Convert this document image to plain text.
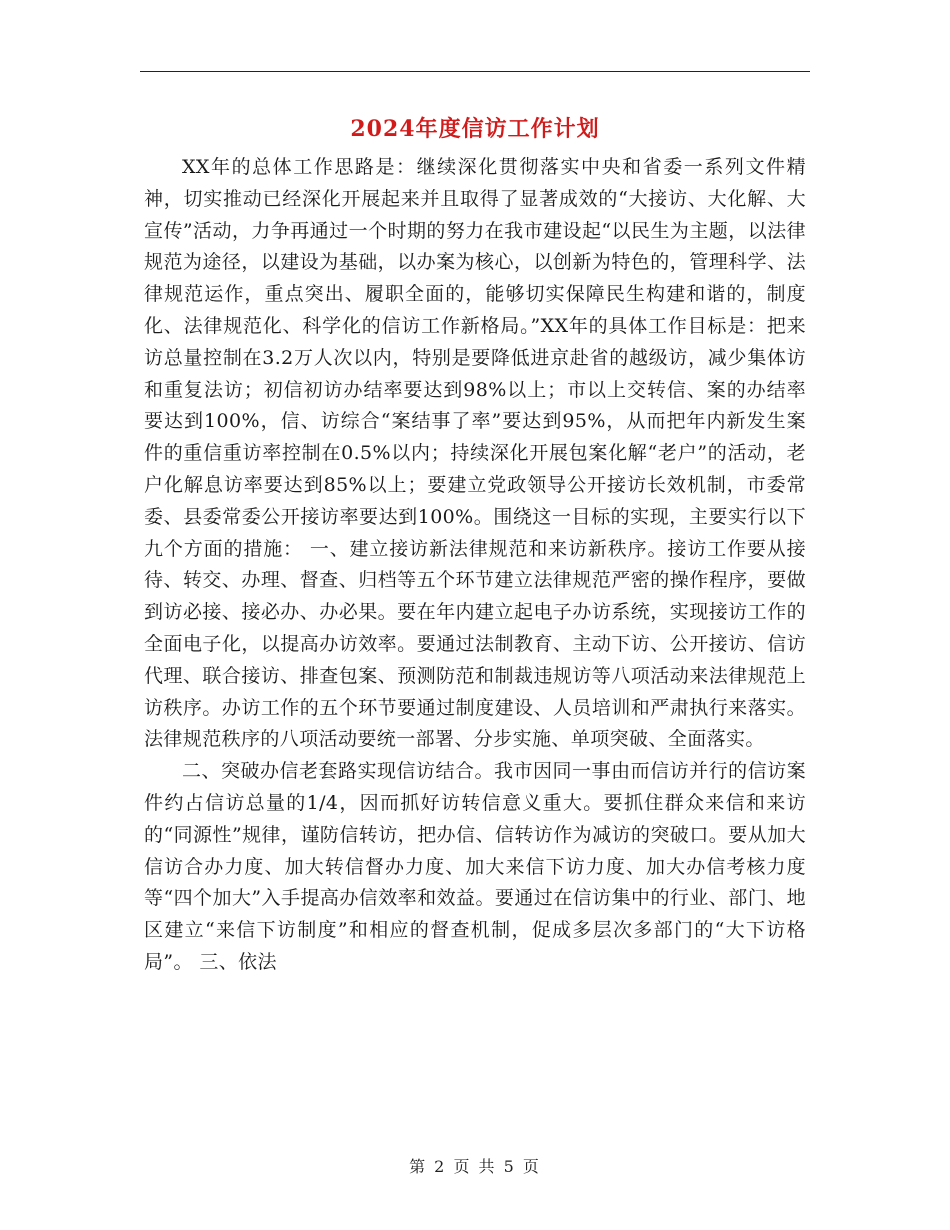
2024年度信访工作计划

XX年的总体工作思路是：继续深化贯彻落实中央和省委一系列文件精神，切实推动已经深化开展起来并且取得了显著成效的“大接访、大化解、大宣传”活动，力争再通过一个时期的努力在我市建设起“以民生为主题，以法律规范为途径，以建设为基础，以办案为核心，以创新为特色的，管理科学、法律规范运作，重点突出、履职全面的，能够切实保障民生构建和谐的，制度化、法律规范化、科学化的信访工作新格局。”XX年的具体工作目标是：把来访总量控制在3.2万人次以内，特别是要降低进京赴省的越级访，减少集体访和重复法访；初信初访办结率要达到98%以上；市以上交转信、案的办结率要达到100%，信、访综合“案结事了率”要达到95%，从而把年内新发生案件的重信重访率控制在0.5%以内；持续深化开展包案化解“老户”的活动，老户化解息访率要达到85%以上；要建立党政领导公开接访长效机制，市委常委、县委常委公开接访率要达到100%。围绕这一目标的实现，主要实行以下九个方面的措施： 一、建立接访新法律规范和来访新秩序。接访工作要从接待、转交、办理、督查、归档等五个环节建立法律规范严密的操作程序，要做到访必接、接必办、办必果。要在年内建立起电子办访系统，实现接访工作的全面电子化，以提高办访效率。要通过法制教育、主动下访、公开接访、信访代理、联合接访、排查包案、预测防范和制裁违规访等八项活动来法律规范上访秩序。办访工作的五个环节要通过制度建设、人员培训和严肃执行来落实。法律规范秩序的八项活动要统一部署、分步实施、单项突破、全面落实。

二、突破办信老套路实现信访结合。我市因同一事由而信访并行的信访案件约占信访总量的1/4，因而抓好访转信意义重大。要抓住群众来信和来访的“同源性”规律，谨防信转访，把办信、信转访作为减访的突破口。要从加大信访合办力度、加大转信督办力度、加大来信下访力度、加大办信考核力度等“四个加大”入手提高办信效率和效益。要通过在信访集中的行业、部门、地区建立“来信下访制度”和相应的督查机制，促成多层次多部门的“大下访格局”。 三、依法

第 2 页 共 5 页
